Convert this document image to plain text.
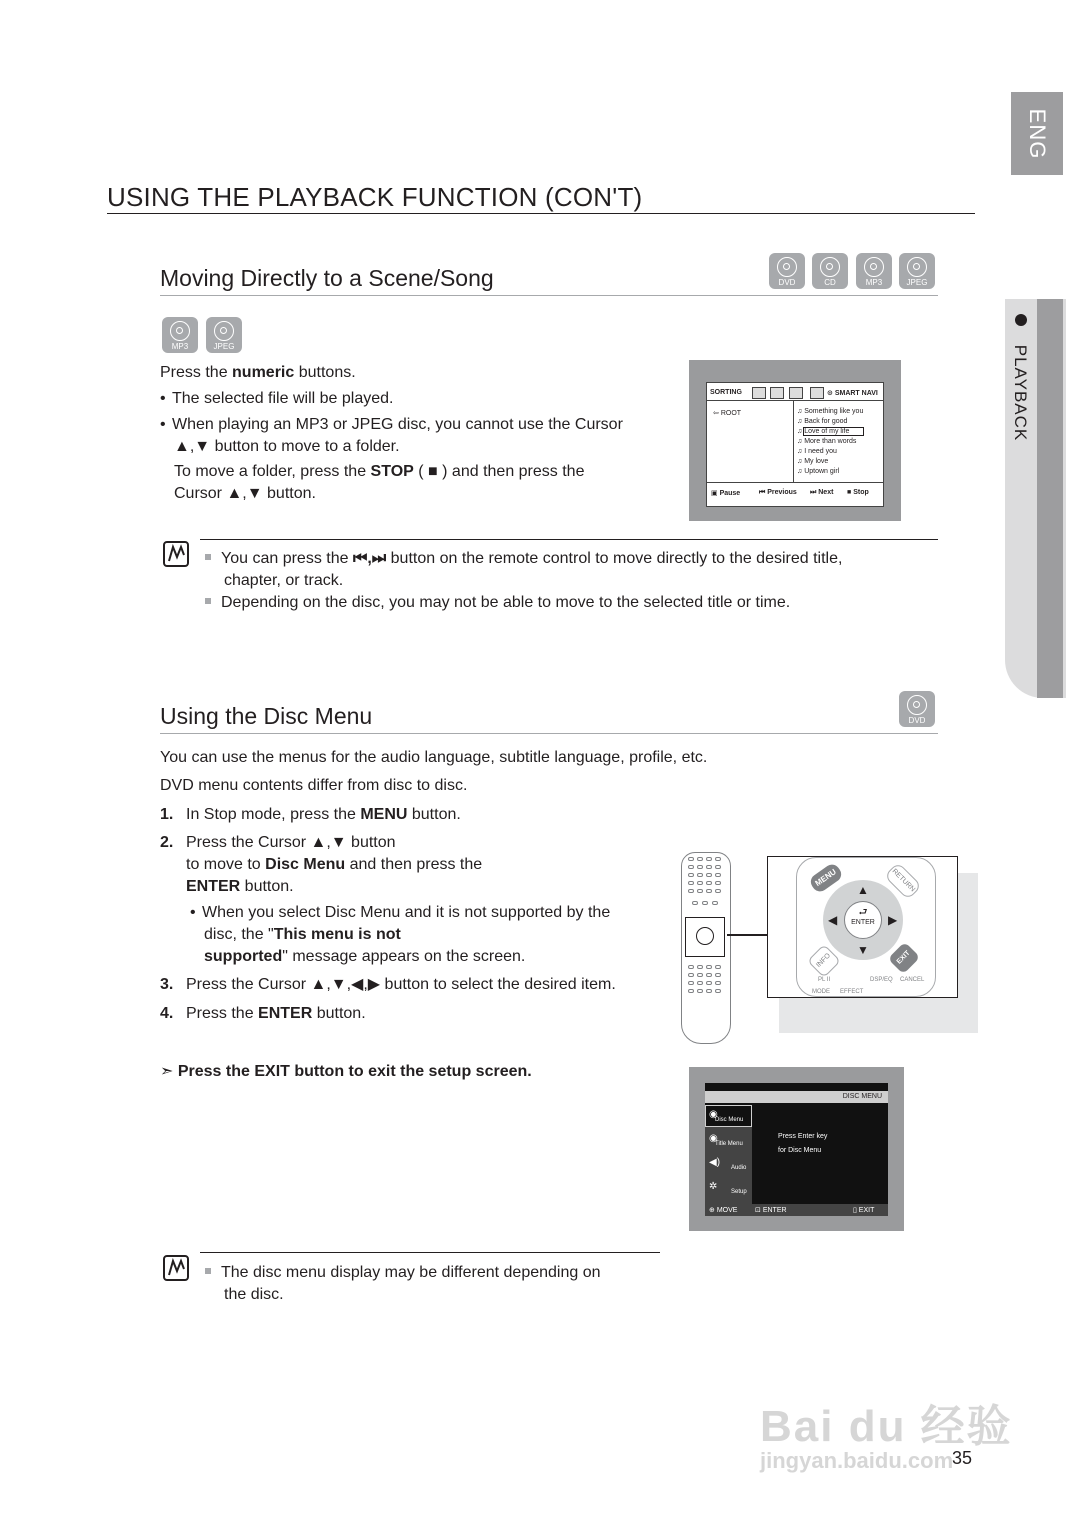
ENG
PLAYBACK
USING THE PLAYBACK FUNCTION (CON'T)
Moving Directly to a Scene/Song	DVD	CD	MP3	JPEG
MP3	JPEG
Press the numeric buttons.
• The selected file will be played.
• When playing an MP3 or JPEG disc, you cannot use the Cursor
▲,▼ button to move to a folder.
To move a folder, press the STOP ( ■ ) and then press the
Cursor ▲,▼ button.
SORTING	⊙ SMART NAVI
⇦ ROOT	♫ Something like you
♫ Back for good
♫ Love of my life
♫ More than words
♫ I need you
♫ My love
♫ Uptown girl
▣ Pause	⏮ Previous ⏭ Next ■ Stop
You can press the ⏮,⏭ button on the remote control to move directly to the desired title,
chapter, or track.
Depending on the disc, you may not be able to move to the selected title or time.
Using the Disc Menu	DVD
You can use the menus for the audio language, subtitle language, profile, etc.
DVD menu contents differ from disc to disc.
1. In Stop mode, press the MENU button.
2. Press the Cursor ▲,▼ button
to move to Disc Menu and then press the
ENTER button.
• When you select Disc Menu and it is not supported by the
disc, the "This menu is not
supported" message appears on the screen.
3. Press the Cursor ▲,▼,◀,▶ button to select the desired item.
4. Press the ENTER button.
➣ Press the EXIT button to exit the setup screen.
MENU	RETURN
▲
▼
◀	▶
⮐
ENTER
INFO	EXIT
PL II	DSP/EQ CANCEL
MODE EFFECT
DISC MENU
Disc Menu
Title Menu
Audio
Setup
◉
◉
◀)
✲
Press Enter key
for Disc Menu
⊕ MOVE	⊡ ENTER	▯ EXIT
The disc menu display may be different depending on
the disc.
35
Bai du 经验
jingyan.baidu.com
